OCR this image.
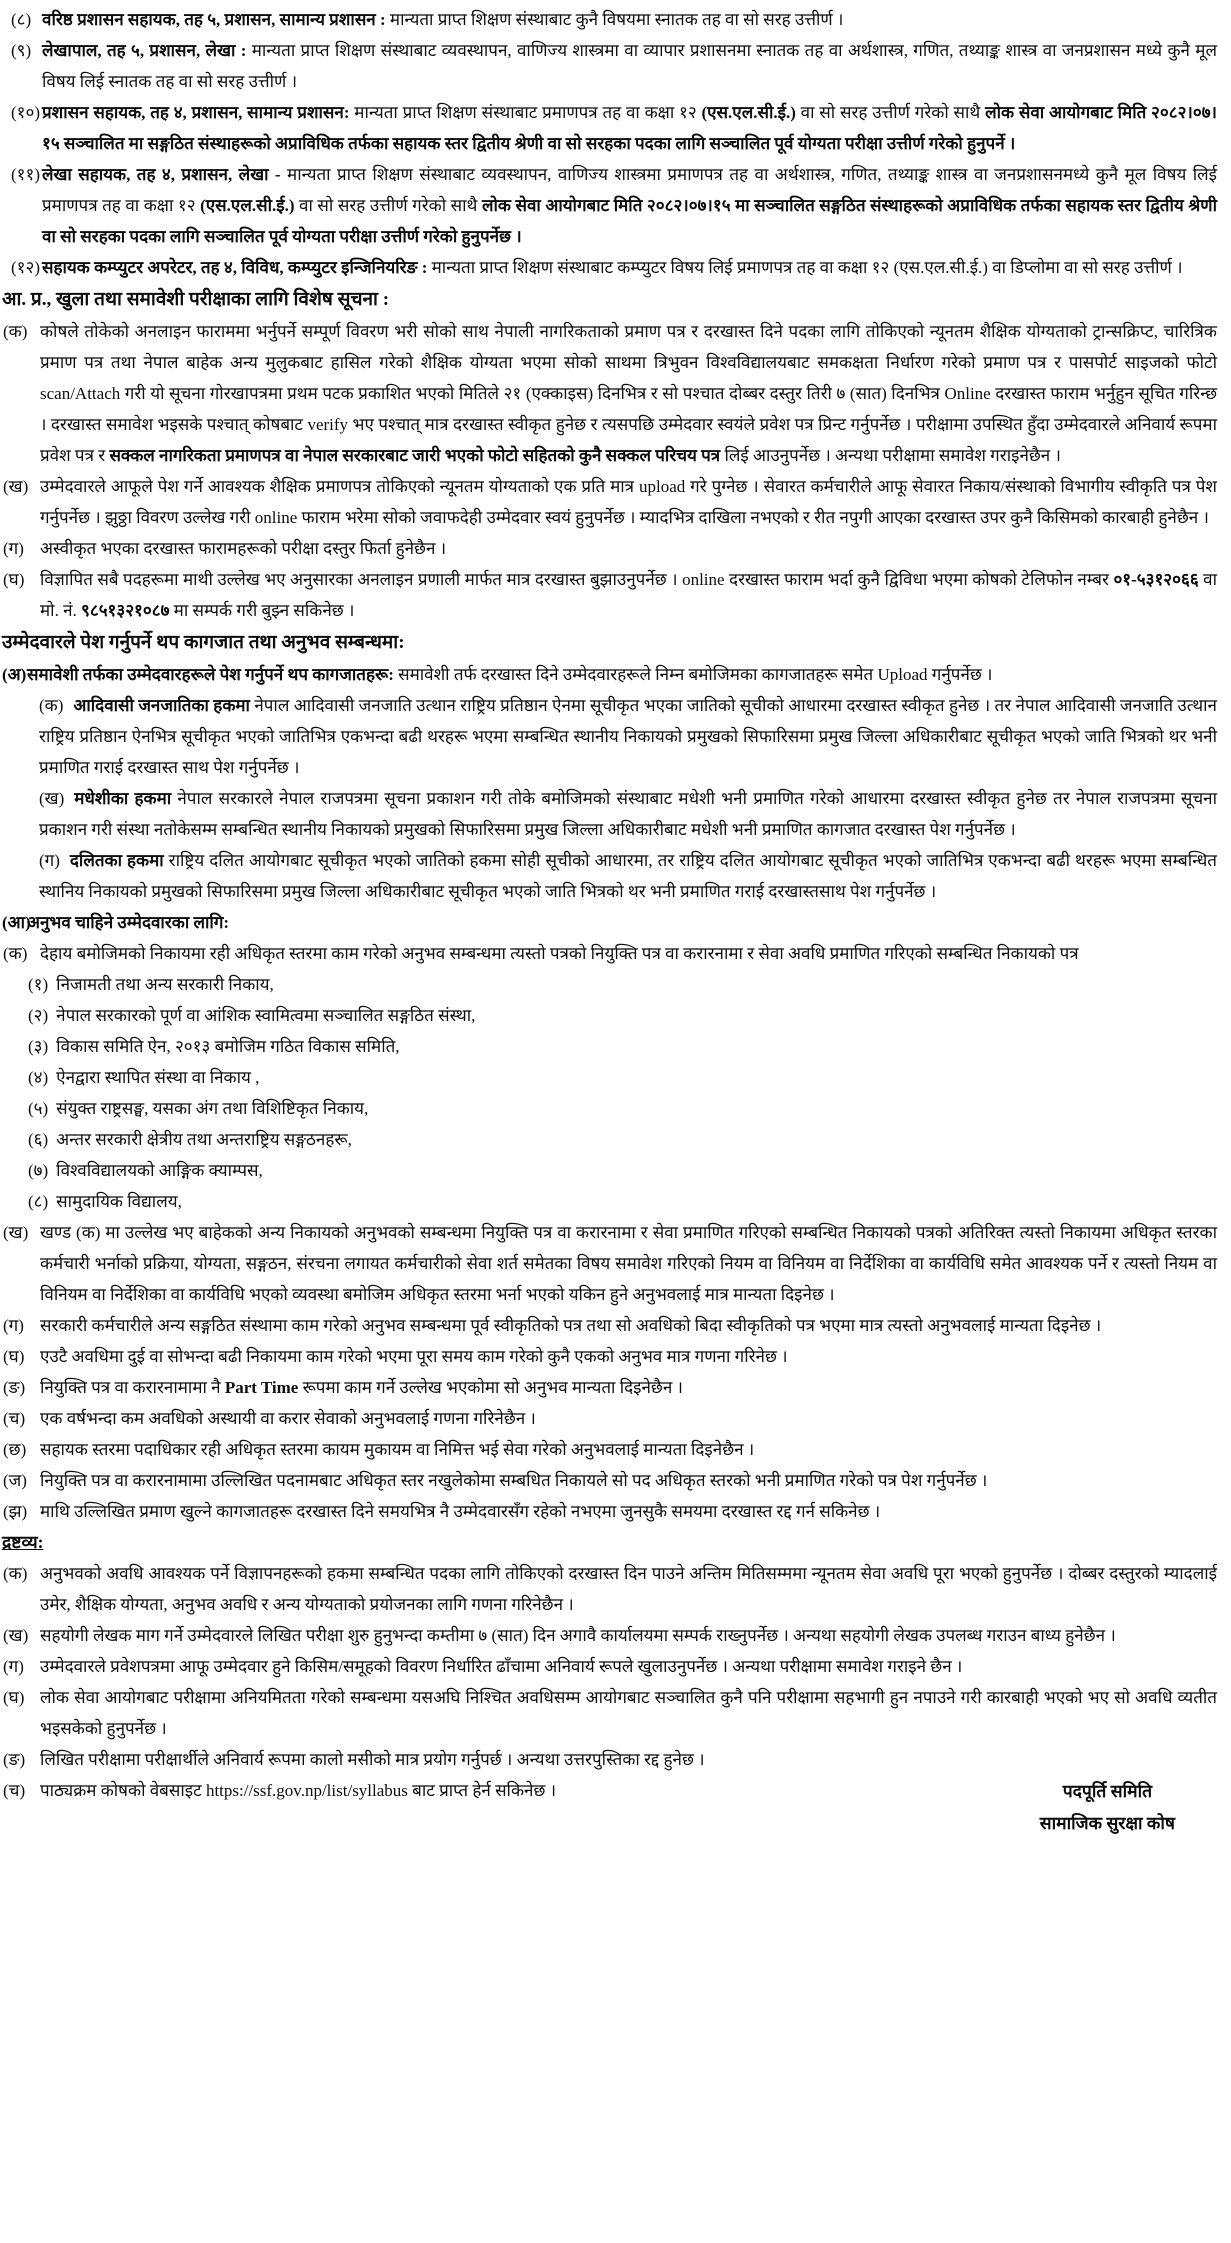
(८) वरिष्ठ प्रशासन सहायक, तह ५, प्रशासन, सामान्य प्रशासन : मान्यता प्राप्त शिक्षण संस्थाबाट कुनै विषयमा स्नातक तह वा सो सरह उत्तीर्ण ।
(९) लेखापाल, तह ५, प्रशासन, लेखा : मान्यता प्राप्त शिक्षण संस्थाबाट व्यवस्थापन, वाणिज्य शास्त्रमा वा व्यापार प्रशासनमा स्नातक तह वा अर्थशास्त्र, गणित, तथ्याङ्क शास्त्र वा जनप्रशासन मध्ये कुनै मूल विषय लिई स्नातक तह वा सो सरह उत्तीर्ण ।
(१०) प्रशासन सहायक, तह ४, प्रशासन, सामान्य प्रशासन: मान्यता प्राप्त शिक्षण संस्थाबाट प्रमाणपत्र तह वा कक्षा १२ (एस.एल.सी.ई.) वा सो सरह उत्तीर्ण गरेको साथै लोक सेवा आयोगबाट मिति २०८२।०७।१५ सञ्चालित मा सङ्गठित संस्थाहरूको अप्राविधिक तर्फका सहायक स्तर द्वितीय श्रेणी वा सो सरहका पदका लागि सञ्चालित पूर्व योग्यता परीक्षा उत्तीर्ण गरेको हुनुपर्ने ।
(११) लेखा सहायक, तह ४, प्रशासन, लेखा - मान्यता प्राप्त शिक्षण संस्थाबाट व्यवस्थापन, वाणिज्य शास्त्रमा प्रमाणपत्र तह वा अर्थशास्त्र, गणित, तथ्याङ्क शास्त्र वा जनप्रशासनमध्ये कुनै मूल विषय लिई प्रमाणपत्र तह वा कक्षा १२ (एस.एल.सी.ई.) वा सो सरह उत्तीर्ण गरेको साथै लोक सेवा आयोगबाट मिति २०८२।०७।१५ मा सञ्चालित सङ्गठित संस्थाहरूको अप्राविधिक तर्फका सहायक स्तर द्वितीय श्रेणी वा सो सरहका पदका लागि सञ्चालित पूर्व योग्यता परीक्षा उत्तीर्ण गरेको हुनुपर्नेछ ।
(१२) सहायक कम्प्युटर अपरेटर, तह ४, विविध, कम्प्युटर इन्जिनियरिङ : मान्यता प्राप्त शिक्षण संस्थाबाट कम्प्युटर विषय लिई प्रमाणपत्र तह वा कक्षा १२ (एस.एल.सी.ई.) वा डिप्लोमा वा सो सरह उत्तीर्ण ।
आ. प्र., खुला तथा समावेशी परीक्षाका लागि विशेष सूचना :
(क) कोषले तोकेको अनलाइन फाराममा भर्नुपर्ने सम्पूर्ण विवरण भरी सोको साथ नेपाली नागरिकताको प्रमाण पत्र र दरखास्त दिने पदका लागि तोकिएको न्यूनतम शैक्षिक योग्यताको ट्रान्सक्रिप्ट, चारित्रिक प्रमाण पत्र तथा नेपाल बाहेक अन्य मुलुकबाट हासिल गरेको शैक्षिक योग्यता भएमा सोको साथमा त्रिभुवन विश्वविद्यालयबाट समकक्षता निर्धारण गरेको प्रमाण पत्र र पासपोर्ट साइजको फोटो scan/Attach गरी यो सूचना गोरखापत्रमा प्रथम पटक प्रकाशित भएको मितिले २१ (एक्काइस) दिनभित्र र सो पश्चात दोब्बर दस्तुर तिरी ७ (सात) दिनभित्र Online दरखास्त फाराम भर्नुहुन सूचित गरिन्छ । दरखास्त समावेश भइसके पश्चात् कोषबाट verify भए पश्चात् मात्र दरखास्त स्वीकृत हुनेछ र त्यसपछि उम्मेदवार स्वयंले प्रवेश पत्र प्रिन्ट गर्नुपर्नेछ । परीक्षामा उपस्थित हुँदा उम्मेदवारले अनिवार्य रूपमा प्रवेश पत्र र सक्कल नागरिकता प्रमाणपत्र वा नेपाल सरकारबाट जारी भएको फोटो सहितको कुनै सक्कल परिचय पत्र लिई आउनुपर्नेछ । अन्यथा परीक्षामा समावेश गराइनेछैन ।
(ख) उम्मेदवारले आफूले पेश गर्ने आवश्यक शैक्षिक प्रमाणपत्र तोकिएको न्यूनतम योग्यताको एक प्रति मात्र upload गरे पुग्नेछ । सेवारत कर्मचारीले आफू सेवारत निकाय/संस्थाको विभागीय स्वीकृति पत्र पेश गर्नुपर्नेछ । झुठ्ठा विवरण उल्लेख गरी online फाराम भरेमा सोको जवाफदेही उम्मेदवार स्वयं हुनुपर्नेछ । म्यादभित्र दाखिला नभएको र रीत नपुगी आएका दरखास्त उपर कुनै किसिमको कारबाही हुनेछैन ।
(ग) अस्वीकृत भएका दरखास्त फारामहरूको परीक्षा दस्तुर फिर्ता हुनेछैन ।
(घ) विज्ञापित सबै पदहरूमा माथी उल्लेख भए अनुसारका अनलाइन प्रणाली मार्फत मात्र दरखास्त बुझाउनुपर्नेछ । online दरखास्त फाराम भर्दा कुनै द्विविधा भएमा कोषको टेलिफोन नम्बर ०१-५३१२०६६ वा मो. नं. ९८५१३२१०८७ मा सम्पर्क गरी बुझ्न सकिनेछ ।
उम्मेदवारले पेश गर्नुपर्ने थप कागजात तथा अनुभव सम्बन्धमा:
(अ) समावेशी तर्फका उम्मेदवारहरूले पेश गर्नुपर्ने थप कागजातहरू: समावेशी तर्फ दरखास्त दिने उम्मेदवारहरूले निम्न बमोजिमका कागजातहरू समेत Upload गर्नुपर्नेछ ।
(क) आदिवासी जनजातिका हकमा नेपाल आदिवासी जनजाति उत्थान राष्ट्रिय प्रतिष्ठान ऐनमा सूचीकृत भएका जातिको सूचीको आधारमा दरखास्त स्वीकृत हुनेछ । तर नेपाल आदिवासी जनजाति उत्थान राष्ट्रिय प्रतिष्ठान ऐनभित्र सूचीकृत भएको जातिभित्र एकभन्दा बढी थरहरू भएमा सम्बन्धित स्थानीय निकायको प्रमुखको सिफारिसमा प्रमुख जिल्ला अधिकारीबाट सूचीकृत भएको जाति भित्रको थर भनी प्रमाणित गराई दरखास्त साथ पेश गर्नुपर्नेछ ।
(ख) मधेशीका हकमा नेपाल सरकारले नेपाल राजपत्रमा सूचना प्रकाशन गरी तोके बमोजिमको संस्थाबाट मधेशी भनी प्रमाणित गरेको आधारमा दरखास्त स्वीकृत हुनेछ तर नेपाल राजपत्रमा सूचना प्रकाशन गरी संस्था नतोकेसम्म सम्बन्धित स्थानीय निकायको प्रमुखको सिफारिसमा प्रमुख जिल्ला अधिकारीबाट मधेशी भनी प्रमाणित कागजात दरखास्त पेश गर्नुपर्नेछ ।
(ग) दलितका हकमा राष्ट्रिय दलित आयोगबाट सूचीकृत भएको जातिको हकमा सोही सूचीको आधारमा, तर राष्ट्रिय दलित आयोगबाट सूचीकृत भएको जातिभित्र एकभन्दा बढी थरहरू भएमा सम्बन्धित स्थानिय निकायको प्रमुखको सिफारिसमा प्रमुख जिल्ला अधिकारीबाट सूचीकृत भएको जाति भित्रको थर भनी प्रमाणित गराई दरखास्तसाथ पेश गर्नुपर्नेछ ।
(आ)
अनुभव चाहिने उम्मेदवारका लागि:
(क) देहाय बमोजिमको निकायमा रही अधिकृत स्तरमा काम गरेको अनुभव सम्बन्धमा त्यस्तो पत्रको नियुक्ति पत्र वा करारनामा र सेवा अवधि प्रमाणित गरिएको सम्बन्धित निकायको पत्र
(१) निजामती तथा अन्य सरकारी निकाय,
(२) नेपाल सरकारको पूर्ण वा आंशिक स्वामित्वमा सञ्चालित सङ्गठित संस्था,
(३) विकास समिति ऐन, २०१३ बमोजिम गठित विकास समिति,
(४) ऐनद्वारा स्थापित संस्था वा निकाय ,
(५) संयुक्त राष्ट्रसङ्घ, यसका अंग तथा विशिष्टिकृत निकाय,
(६) अन्तर सरकारी क्षेत्रीय तथा अन्तराष्ट्रिय सङ्गठनहरू,
(७) विश्वविद्यालयको आङ्गिक क्याम्पस,
(८) सामुदायिक विद्यालय,
(ख) खण्ड (क) मा उल्लेख भए बाहेकको अन्य निकायको अनुभवको सम्बन्धमा नियुक्ति पत्र वा करारनामा र सेवा प्रमाणित गरिएको सम्बन्धित निकायको पत्रको अतिरिक्त त्यस्तो निकायमा अधिकृत स्तरका कर्मचारी भर्नाको प्रक्रिया, योग्यता, सङ्गठन, संरचना लगायत कर्मचारीको सेवा शर्त समेतका विषय समावेश गरिएको नियम वा विनियम वा निर्देशिका वा कार्यविधि समेत आवश्यक पर्ने र त्यस्तो नियम वा विनियम वा निर्देशिका वा कार्यविधि भएको व्यवस्था बमोजिम अधिकृत स्तरमा भर्ना भएको यकिन हुने अनुभवलाई मात्र मान्यता दिइनेछ ।
(ग) सरकारी कर्मचारीले अन्य सङ्गठित संस्थामा काम गरेको अनुभव सम्बन्धमा पूर्व स्वीकृतिको पत्र तथा सो अवधिको बिदा स्वीकृतिको पत्र भएमा मात्र त्यस्तो अनुभवलाई मान्यता दिइनेछ ।
(घ) एउटै अवधिमा दुई वा सोभन्दा बढी निकायमा काम गरेको भएमा पूरा समय काम गरेको कुनै एकको अनुभव मात्र गणना गरिनेछ ।
(ङ) नियुक्ति पत्र वा करारनामामा नै Part Time रूपमा काम गर्ने उल्लेख भएकोमा सो अनुभव मान्यता दिइनेछैन ।
(च) एक वर्षभन्दा कम अवधिको अस्थायी वा करार सेवाको अनुभवलाई गणना गरिनेछैन ।
(छ) सहायक स्तरमा पदाधिकार रही अधिकृत स्तरमा कायम मुकायम वा निमित्त भई सेवा गरेको अनुभवलाई मान्यता दिइनेछैन ।
(ज) नियुक्ति पत्र वा करारनामामा उल्लिखित पदनामबाट अधिकृत स्तर नखुलेकोमा सम्बधित निकायले सो पद अधिकृत स्तरको भनी प्रमाणित गरेको पत्र पेश गर्नुपर्नेछ ।
(झ) माथि उल्लिखित प्रमाण खुल्ने कागजातहरू दरखास्त दिने समयभित्र नै उम्मेदवारसँग रहेको नभएमा जुनसुकै समयमा दरखास्त रद्द गर्न सकिनेछ ।
द्रष्टव्य:
(क) अनुभवको अवधि आवश्यक पर्ने विज्ञापनहरूको हकमा सम्बन्धित पदका लागि तोकिएको दरखास्त दिन पाउने अन्तिम मितिसम्ममा न्यूनतम सेवा अवधि पूरा भएको हुनुपर्नेछ । दोब्बर दस्तुरको म्यादलाई उमेर, शैक्षिक योग्यता, अनुभव अवधि र अन्य योग्यताको प्रयोजनका लागि गणना गरिनेछैन ।
(ख) सहयोगी लेखक माग गर्ने उम्मेदवारले लिखित परीक्षा शुरु हुनुभन्दा कम्तीमा ७ (सात) दिन अगावै कार्यालयमा सम्पर्क राख्नुपर्नेछ । अन्यथा सहयोगी लेखक उपलब्ध गराउन बाध्य हुनेछैन ।
(ग) उम्मेदवारले प्रवेशपत्रमा आफू उम्मेदवार हुने किसिम/समूहको विवरण निर्धारित ढाँचामा अनिवार्य रूपले खुलाउनुपर्नेछ । अन्यथा परीक्षामा समावेश गराइने छैन ।
(घ) लोक सेवा आयोगबाट परीक्षामा अनियमितता गरेको सम्बन्धमा यसअघि निश्चित अवधिसम्म आयोगबाट सञ्चालित कुनै पनि परीक्षामा सहभागी हुन नपाउने गरी कारबाही भएको भए सो अवधि व्यतीत भइसकेको हुनुपर्नेछ ।
(ङ) लिखित परीक्षामा परीक्षार्थीले अनिवार्य रूपमा कालो मसीको मात्र प्रयोग गर्नुपर्छ । अन्यथा उत्तरपुस्तिका रद्द हुनेछ ।
(च) पाठ्यक्रम कोषको वेबसाइट https://ssf.gov.np/list/syllabus बाट प्राप्त हेर्न सकिनेछ ।	पदपूर्ति समिति
सामाजिक सुरक्षा कोष
